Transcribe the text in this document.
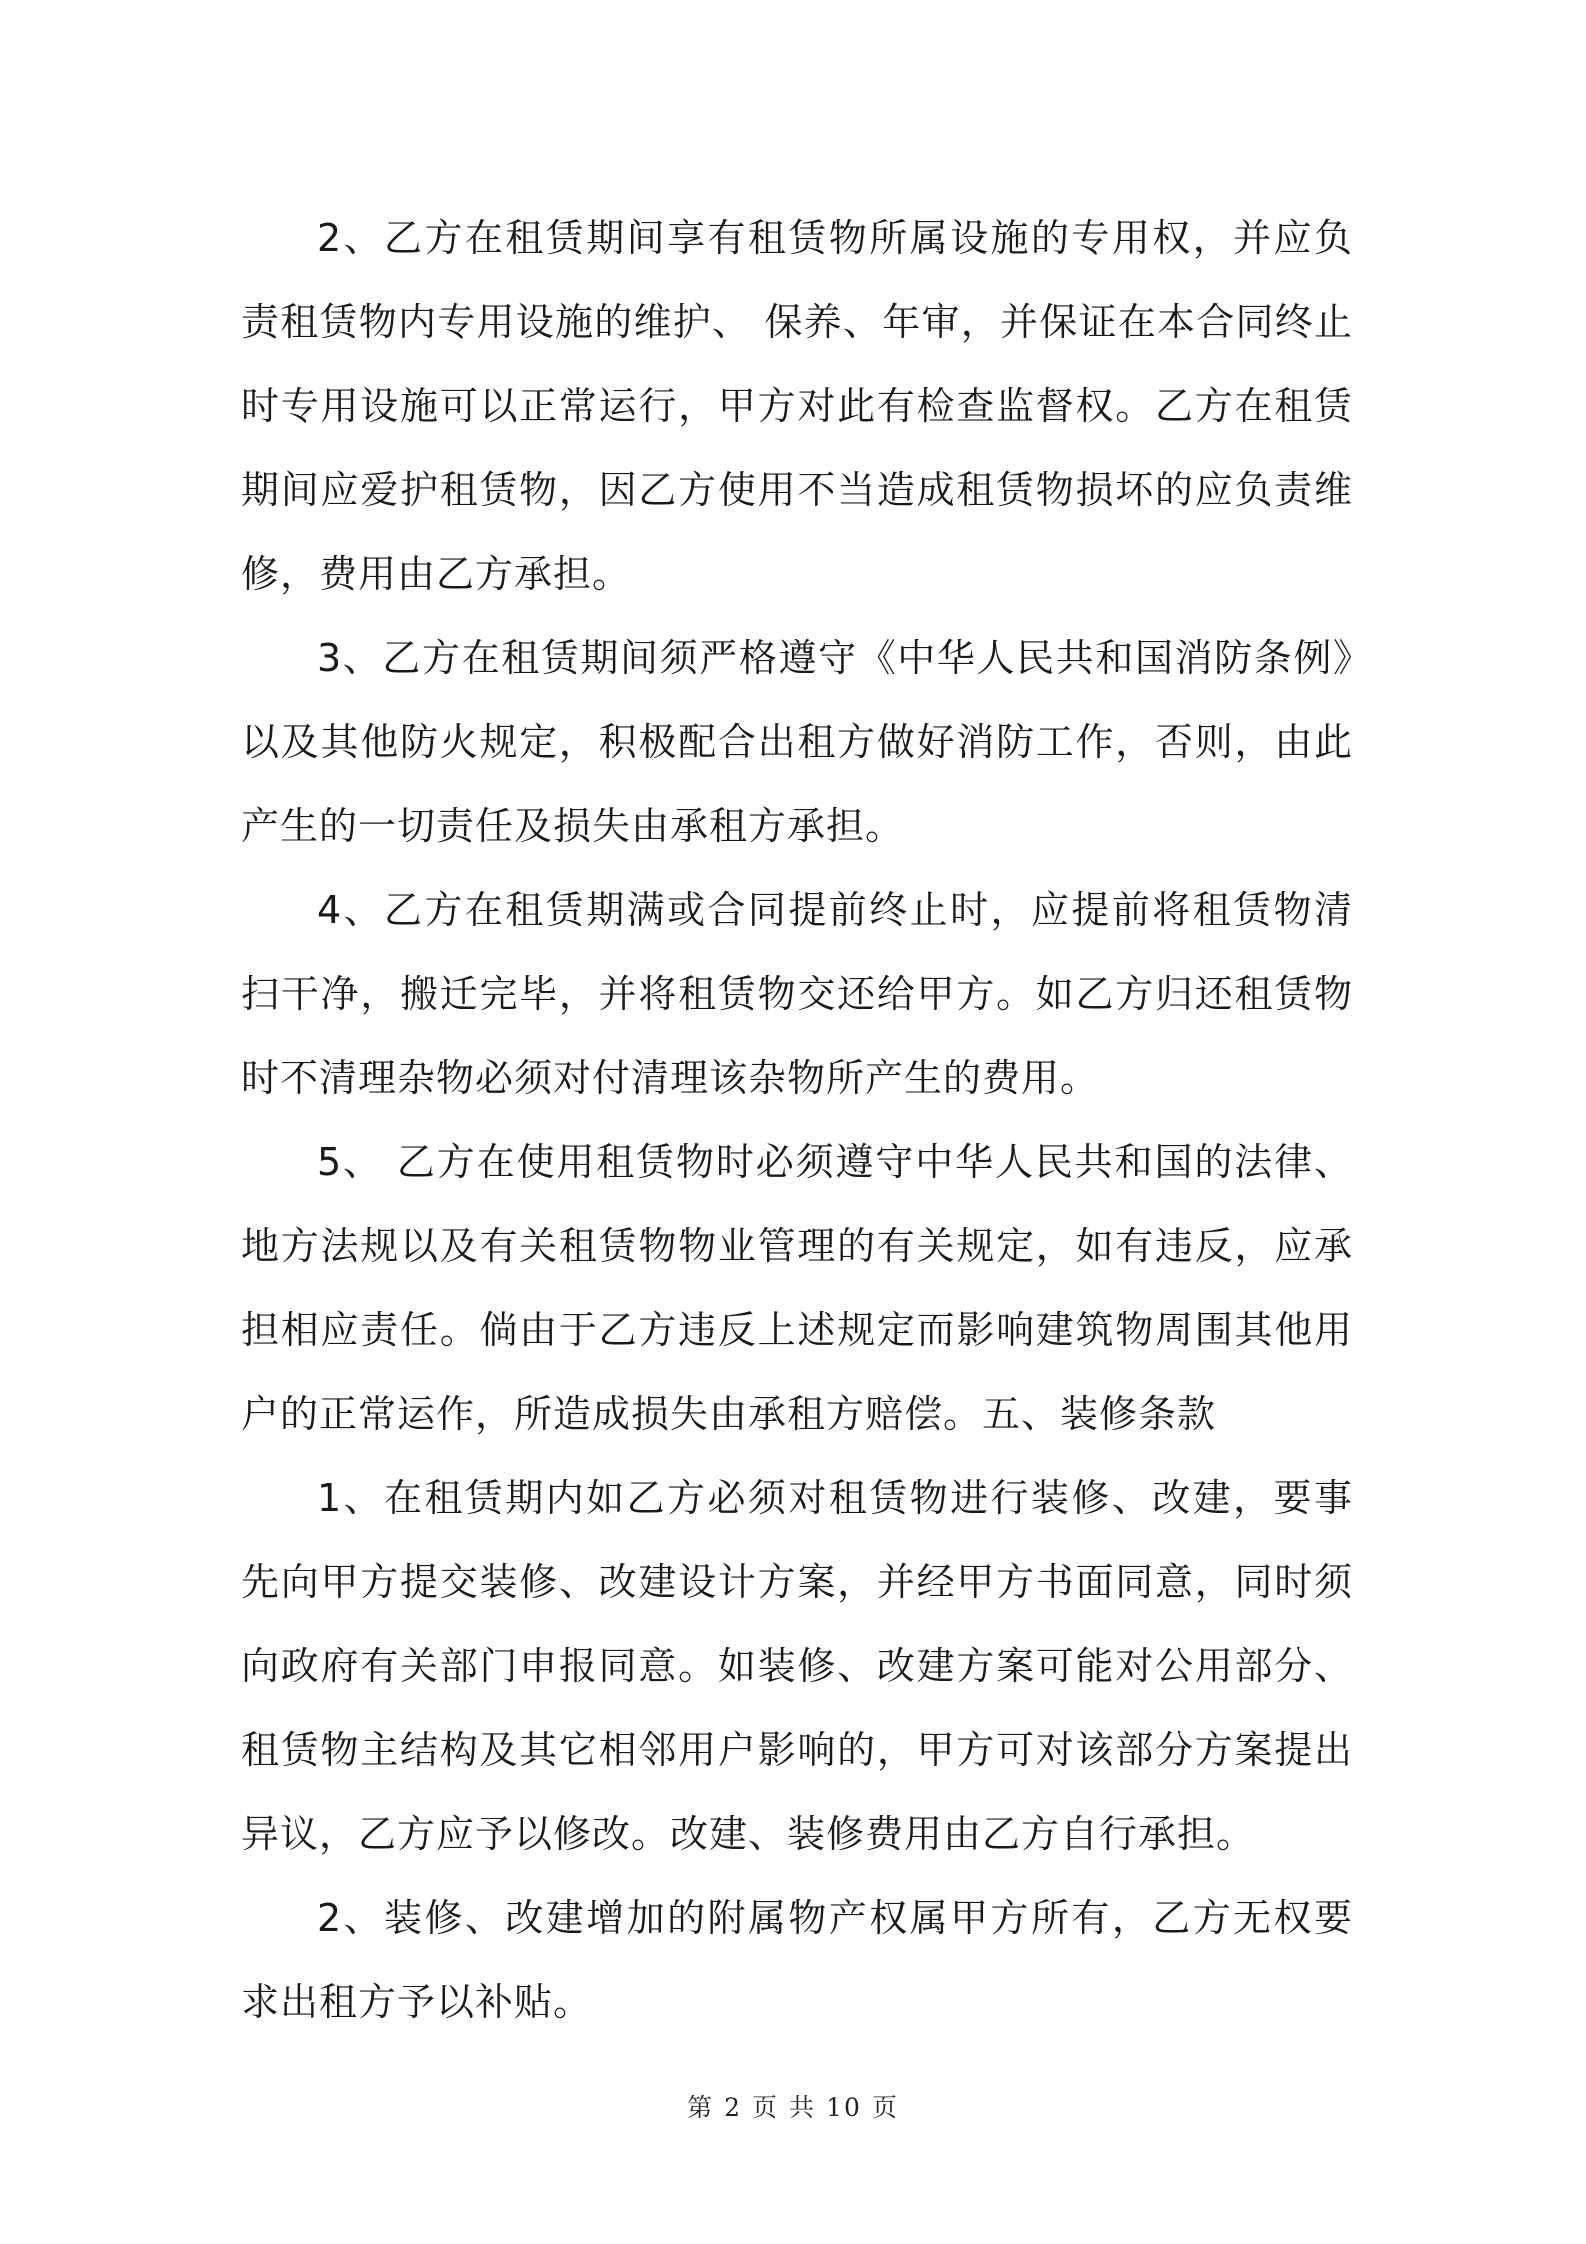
2、乙方在租赁期间享有租赁物所属设施的专用权，并应负责租赁物内专用设施的维护、 保养、年审，并保证在本合同终止时专用设施可以正常运行，甲方对此有检查监督权。乙方在租赁期间应爱护租赁物，因乙方使用不当造成租赁物损坏的应负责维修，费用由乙方承担。

3、乙方在租赁期间须严格遵守《中华人民共和国消防条例》以及其他防火规定，积极配合出租方做好消防工作，否则，由此产生的一切责任及损失由承租方承担。

4、乙方在租赁期满或合同提前终止时，应提前将租赁物清扫干净，搬迁完毕，并将租赁物交还给甲方。如乙方归还租赁物时不清理杂物必须对付清理该杂物所产生的费用。

5、 乙方在使用租赁物时必须遵守中华人民共和国的法律、地方法规以及有关租赁物物业管理的有关规定，如有违反，应承担相应责任。倘由于乙方违反上述规定而影响建筑物周围其他用户的正常运作，所造成损失由承租方赔偿。五、装修条款

1、在租赁期内如乙方必须对租赁物进行装修、改建，要事先向甲方提交装修、改建设计方案，并经甲方书面同意，同时须向政府有关部门申报同意。如装修、改建方案可能对公用部分、租赁物主结构及其它相邻用户影响的，甲方可对该部分方案提出异议，乙方应予以修改。改建、装修费用由乙方自行承担。

2、装修、改建增加的附属物产权属甲方所有，乙方无权要求出租方予以补贴。

第 2 页 共 10 页
